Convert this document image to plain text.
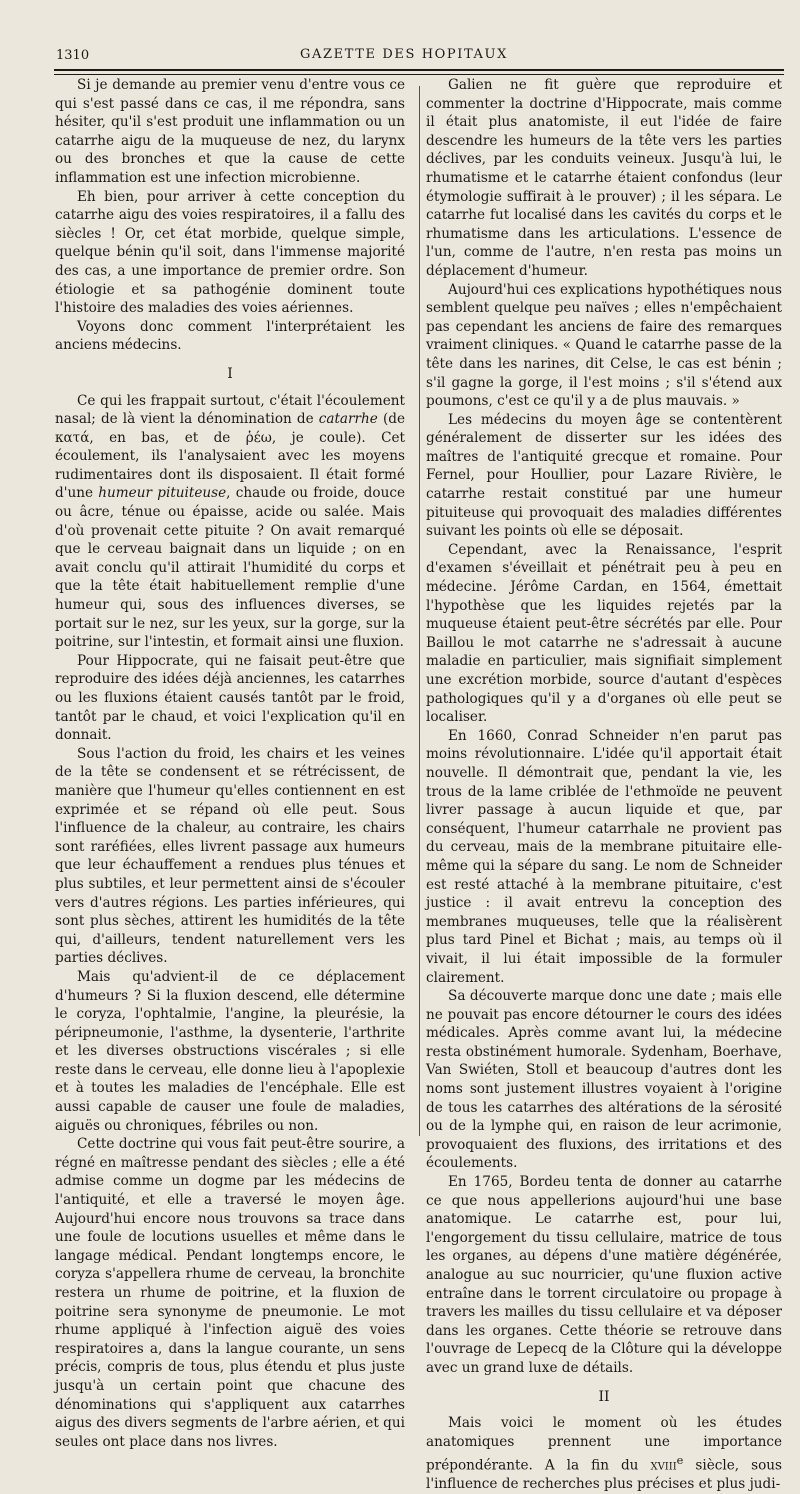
1310	GAZETTE DES HOPITAUX

Si je demande au premier venu d'entre vous ce qui s'est passé dans ce cas, il me répondra, sans hésiter, qu'il s'est produit une inflammation ou un catarrhe aigu de la muqueuse de nez, du larynx ou des bronches et que la cause de cette inflammation est une infection microbienne.

Eh bien, pour arriver à cette conception du catarrhe aigu des voies respiratoires, il a fallu des siècles ! Or, cet état morbide, quelque simple, quelque bénin qu'il soit, dans l'immense majorité des cas, a une importance de premier ordre. Son étiologie et sa pathogénie dominent toute l'histoire des maladies des voies aériennes.

Voyons donc comment l'interprétaient les anciens médecins.

I

Ce qui les frappait surtout, c'était l'écoulement nasal; de là vient la dénomination de catarrhe (de κατά, en bas, et de ῥέω, je coule). Cet écoulement, ils l'analysaient avec les moyens rudimentaires dont ils disposaient. Il était formé d'une humeur pituiteuse, chaude ou froide, douce ou âcre, ténue ou épaisse, acide ou salée. Mais d'où provenait cette pituite ? On avait remarqué que le cerveau baignait dans un liquide ; on en avait conclu qu'il attirait l'humidité du corps et que la tête était habituellement remplie d'une humeur qui, sous des influences diverses, se portait sur le nez, sur les yeux, sur la gorge, sur la poitrine, sur l'intestin, et formait ainsi une fluxion.

Pour Hippocrate, qui ne faisait peut-être que reproduire des idées déjà anciennes, les catarrhes ou les fluxions étaient causés tantôt par le froid, tantôt par le chaud, et voici l'explication qu'il en donnait.

Sous l'action du froid, les chairs et les veines de la tête se condensent et se rétrécissent, de manière que l'humeur qu'elles contiennent en est exprimée et se répand où elle peut. Sous l'influence de la chaleur, au contraire, les chairs sont raréfiées, elles livrent passage aux humeurs que leur échauffement a rendues plus ténues et plus subtiles, et leur permettent ainsi de s'écouler vers d'autres régions. Les parties inférieures, qui sont plus sèches, attirent les humidités de la tête qui, d'ailleurs, tendent naturellement vers les parties déclives.

Mais qu'advient-il de ce déplacement d'humeurs ? Si la fluxion descend, elle détermine le coryza, l'ophtalmie, l'angine, la pleurésie, la péripneumonie, l'asthme, la dysenterie, l'arthrite et les diverses obstructions viscérales ; si elle reste dans le cerveau, elle donne lieu à l'apoplexie et à toutes les maladies de l'encéphale. Elle est aussi capable de causer une foule de maladies, aiguës ou chroniques, fébriles ou non.

Cette doctrine qui vous fait peut-être sourire, a régné en maîtresse pendant des siècles ; elle a été admise comme un dogme par les médecins de l'antiquité, et elle a traversé le moyen âge. Aujourd'hui encore nous trouvons sa trace dans une foule de locutions usuelles et même dans le langage médical. Pendant longtemps encore, le coryza s'appellera rhume de cerveau, la bronchite restera un rhume de poitrine, et la fluxion de poitrine sera synonyme de pneumonie. Le mot rhume appliqué à l'infection aiguë des voies respiratoires a, dans la langue courante, un sens précis, compris de tous, plus étendu et plus juste jusqu'à un certain point que chacune des dénominations qui s'appliquent aux catarrhes aigus des divers segments de l'arbre aérien, et qui seules ont place dans nos livres.

Galien ne fit guère que reproduire et commenter la doctrine d'Hippocrate, mais comme il était plus anatomiste, il eut l'idée de faire descendre les humeurs de la tête vers les parties déclives, par les conduits veineux. Jusqu'à lui, le rhumatisme et le catarrhe étaient confondus (leur étymologie suffirait à le prouver) ; il les sépara. Le catarrhe fut localisé dans les cavités du corps et le rhumatisme dans les articulations. L'essence de l'un, comme de l'autre, n'en resta pas moins un déplacement d'humeur.

Aujourd'hui ces explications hypothétiques nous semblent quelque peu naïves ; elles n'empêchaient pas cependant les anciens de faire des remarques vraiment cliniques. « Quand le catarrhe passe de la tête dans les narines, dit Celse, le cas est bénin ; s'il gagne la gorge, il l'est moins ; s'il s'étend aux poumons, c'est ce qu'il y a de plus mauvais. »

Les médecins du moyen âge se contentèrent généralement de disserter sur les idées des maîtres de l'antiquité grecque et romaine. Pour Fernel, pour Houllier, pour Lazare Rivière, le catarrhe restait constitué par une humeur pituiteuse qui provoquait des maladies différentes suivant les points où elle se déposait.

Cependant, avec la Renaissance, l'esprit d'examen s'éveillait et pénétrait peu à peu en médecine. Jérôme Cardan, en 1564, émettait l'hypothèse que les liquides rejetés par la muqueuse étaient peut-être sécrétés par elle. Pour Baillou le mot catarrhe ne s'adressait à aucune maladie en particulier, mais signifiait simplement une excrétion morbide, source d'autant d'espèces pathologiques qu'il y a d'organes où elle peut se localiser.

En 1660, Conrad Schneider n'en parut pas moins révolutionnaire. L'idée qu'il apportait était nouvelle. Il démontrait que, pendant la vie, les trous de la lame criblée de l'ethmoïde ne peuvent livrer passage à aucun liquide et que, par conséquent, l'humeur catarrhale ne provient pas du cerveau, mais de la membrane pituitaire elle-même qui la sépare du sang. Le nom de Schneider est resté attaché à la membrane pituitaire, c'est justice : il avait entrevu la conception des membranes muqueuses, telle que la réalisèrent plus tard Pinel et Bichat ; mais, au temps où il vivait, il lui était impossible de la formuler clairement.

Sa découverte marque donc une date ; mais elle ne pouvait pas encore détourner le cours des idées médicales. Après comme avant lui, la médecine resta obstinément humorale. Sydenham, Boerhave, Van Swiéten, Stoll et beaucoup d'autres dont les noms sont justement illustres voyaient à l'origine de tous les catarrhes des altérations de la sérosité ou de la lymphe qui, en raison de leur acrimonie, provoquaient des fluxions, des irritations et des écoulements.

En 1765, Bordeu tenta de donner au catarrhe ce que nous appellerions aujourd'hui une base anatomique. Le catarrhe est, pour lui, l'engorgement du tissu cellulaire, matrice de tous les organes, au dépens d'une matière dégénérée, analogue au suc nourricier, qu'une fluxion active entraîne dans le torrent circulatoire ou propage à travers les mailles du tissu cellulaire et va déposer dans les organes. Cette théorie se retrouve dans l'ouvrage de Lepecq de la Clôture qui la développe avec un grand luxe de détails.

II

Mais voici le moment où les études anatomiques prennent une importance prépondérante. A la fin du xviii$^e$ siècle, sous l'influence de recherches plus précises et plus judi-
